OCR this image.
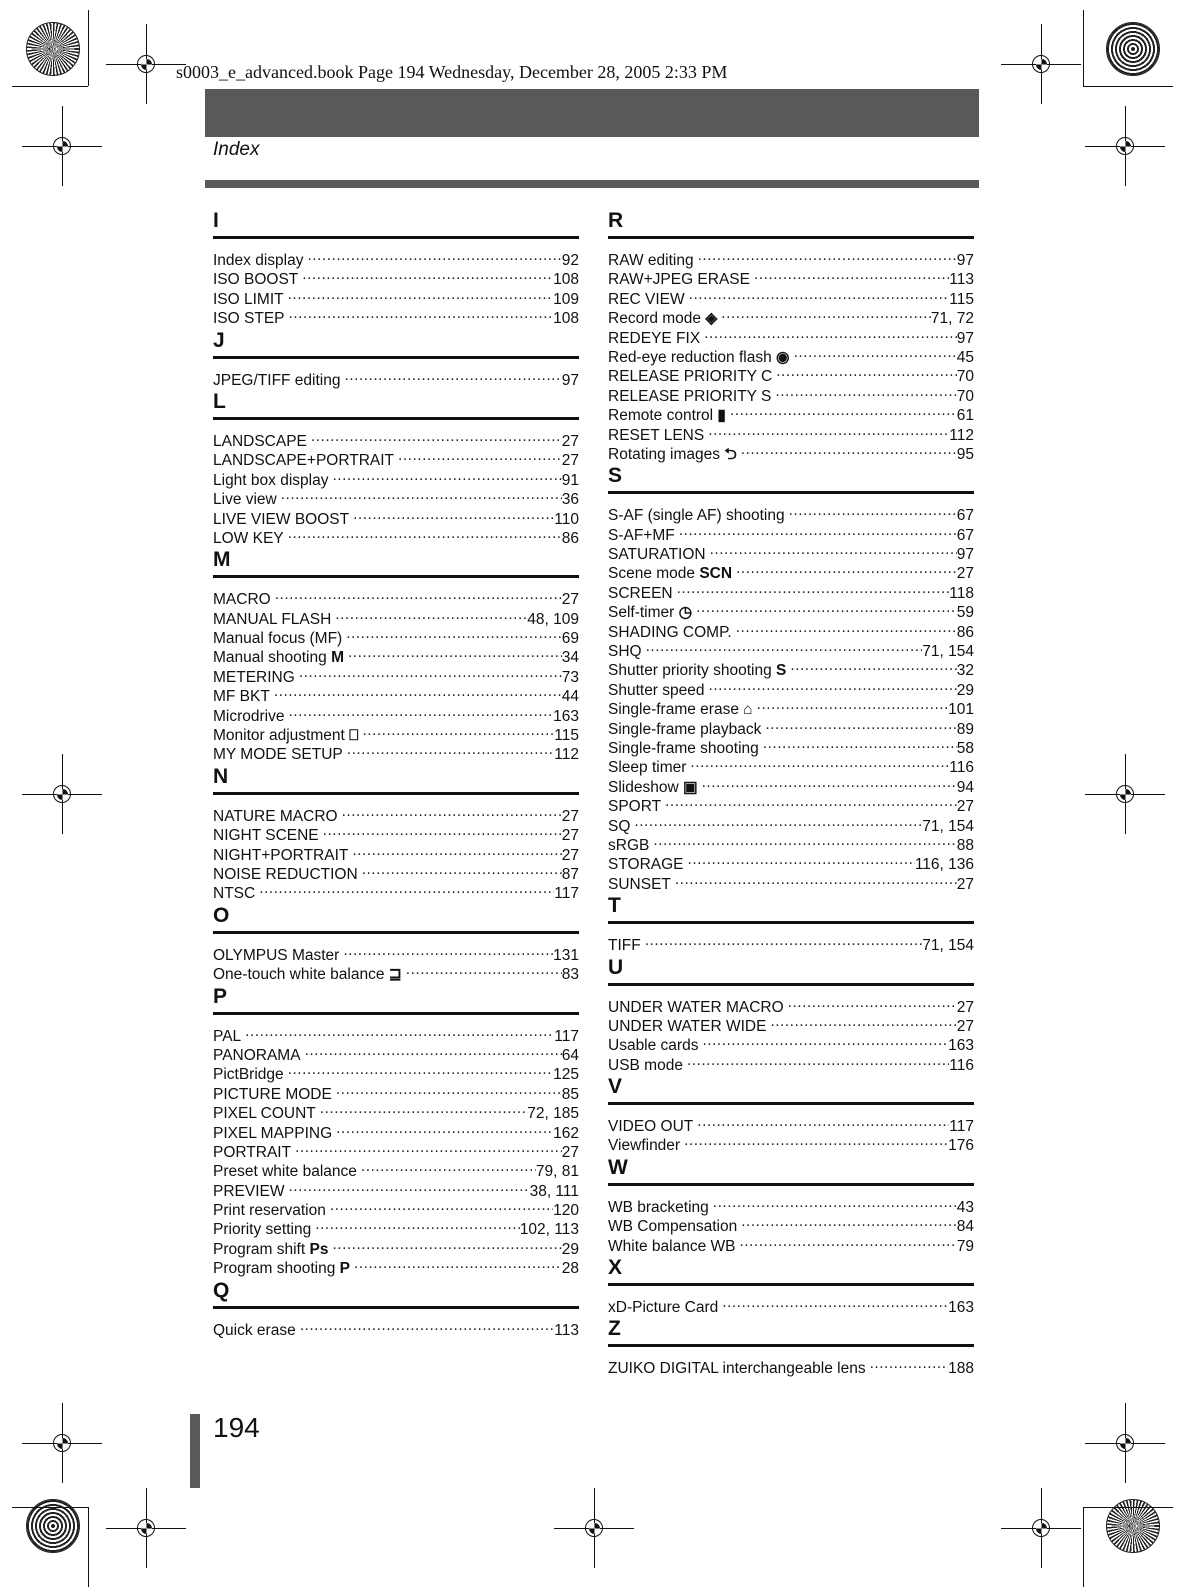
s0003_e_advanced.book Page 194 Wednesday, December 28, 2005 2:33 PM
Index
I
Index display .....	92
ISO BOOST .....	108
ISO LIMIT .....	109
ISO STEP .....	108
J
JPEG/TIFF editing .....	97
L
LANDSCAPE .....	27
LANDSCAPE+PORTRAIT .....	27
Light box display .....	91
Live view .....	36
LIVE VIEW BOOST .....	110
LOW KEY .....	86
M
MACRO .....	27
MANUAL FLASH .....	48, 109
Manual focus (MF) .....	69
Manual shooting M .....	34
METERING .....	73
MF BKT .....	44
Microdrive .....	163
Monitor adjustment ⎕ .....	115
MY MODE SETUP .....	112
N
NATURE MACRO .....	27
NIGHT SCENE .....	27
NIGHT+PORTRAIT .....	27
NOISE REDUCTION .....	87
NTSC .....	117
O
OLYMPUS Master .....	131
One-touch white balance ⊒ .....	83
P
PAL .....	117
PANORAMA .....	64
PictBridge .....	125
PICTURE MODE .....	85
PIXEL COUNT .....	72, 185
PIXEL MAPPING .....	162
PORTRAIT .....	27
Preset white balance .....	79, 81
PREVIEW .....	38, 111
Print reservation .....	120
Priority setting .....	102, 113
Program shift Ps .....	29
Program shooting P .....	28
Q
Quick erase .....	113
R
RAW editing .....	97
RAW+JPEG ERASE .....	113
REC VIEW .....	115
Record mode ◈ .....	71, 72
REDEYE FIX .....	97
Red-eye reduction flash ◉ .....	45
RELEASE PRIORITY C .....	70
RELEASE PRIORITY S .....	70
Remote control ▮ .....	61
RESET LENS .....	112
Rotating images ⮌ .....	95
S
S-AF (single AF) shooting .....	67
S-AF+MF .....	67
SATURATION .....	97
Scene mode SCN .....	27
SCREEN .....	118
Self-timer ◷ .....	59
SHADING COMP. .....	86
SHQ .....	71, 154
Shutter priority shooting S .....	32
Shutter speed .....	29
Single-frame erase ⌂ .....	101
Single-frame playback .....	89
Single-frame shooting .....	58
Sleep timer .....	116
Slideshow ▣ .....	94
SPORT .....	27
SQ .....	71, 154
sRGB .....	88
STORAGE .....	116, 136
SUNSET .....	27
T
TIFF .....	71, 154
U
UNDER WATER MACRO .....	27
UNDER WATER WIDE .....	27
Usable cards .....	163
USB mode .....	116
V
VIDEO OUT .....	117
Viewfinder .....	176
W
WB bracketing .....	43
WB Compensation .....	84
White balance WB .....	79
X
xD-Picture Card .....	163
Z
ZUIKO DIGITAL interchangeable lens .....	188
194
